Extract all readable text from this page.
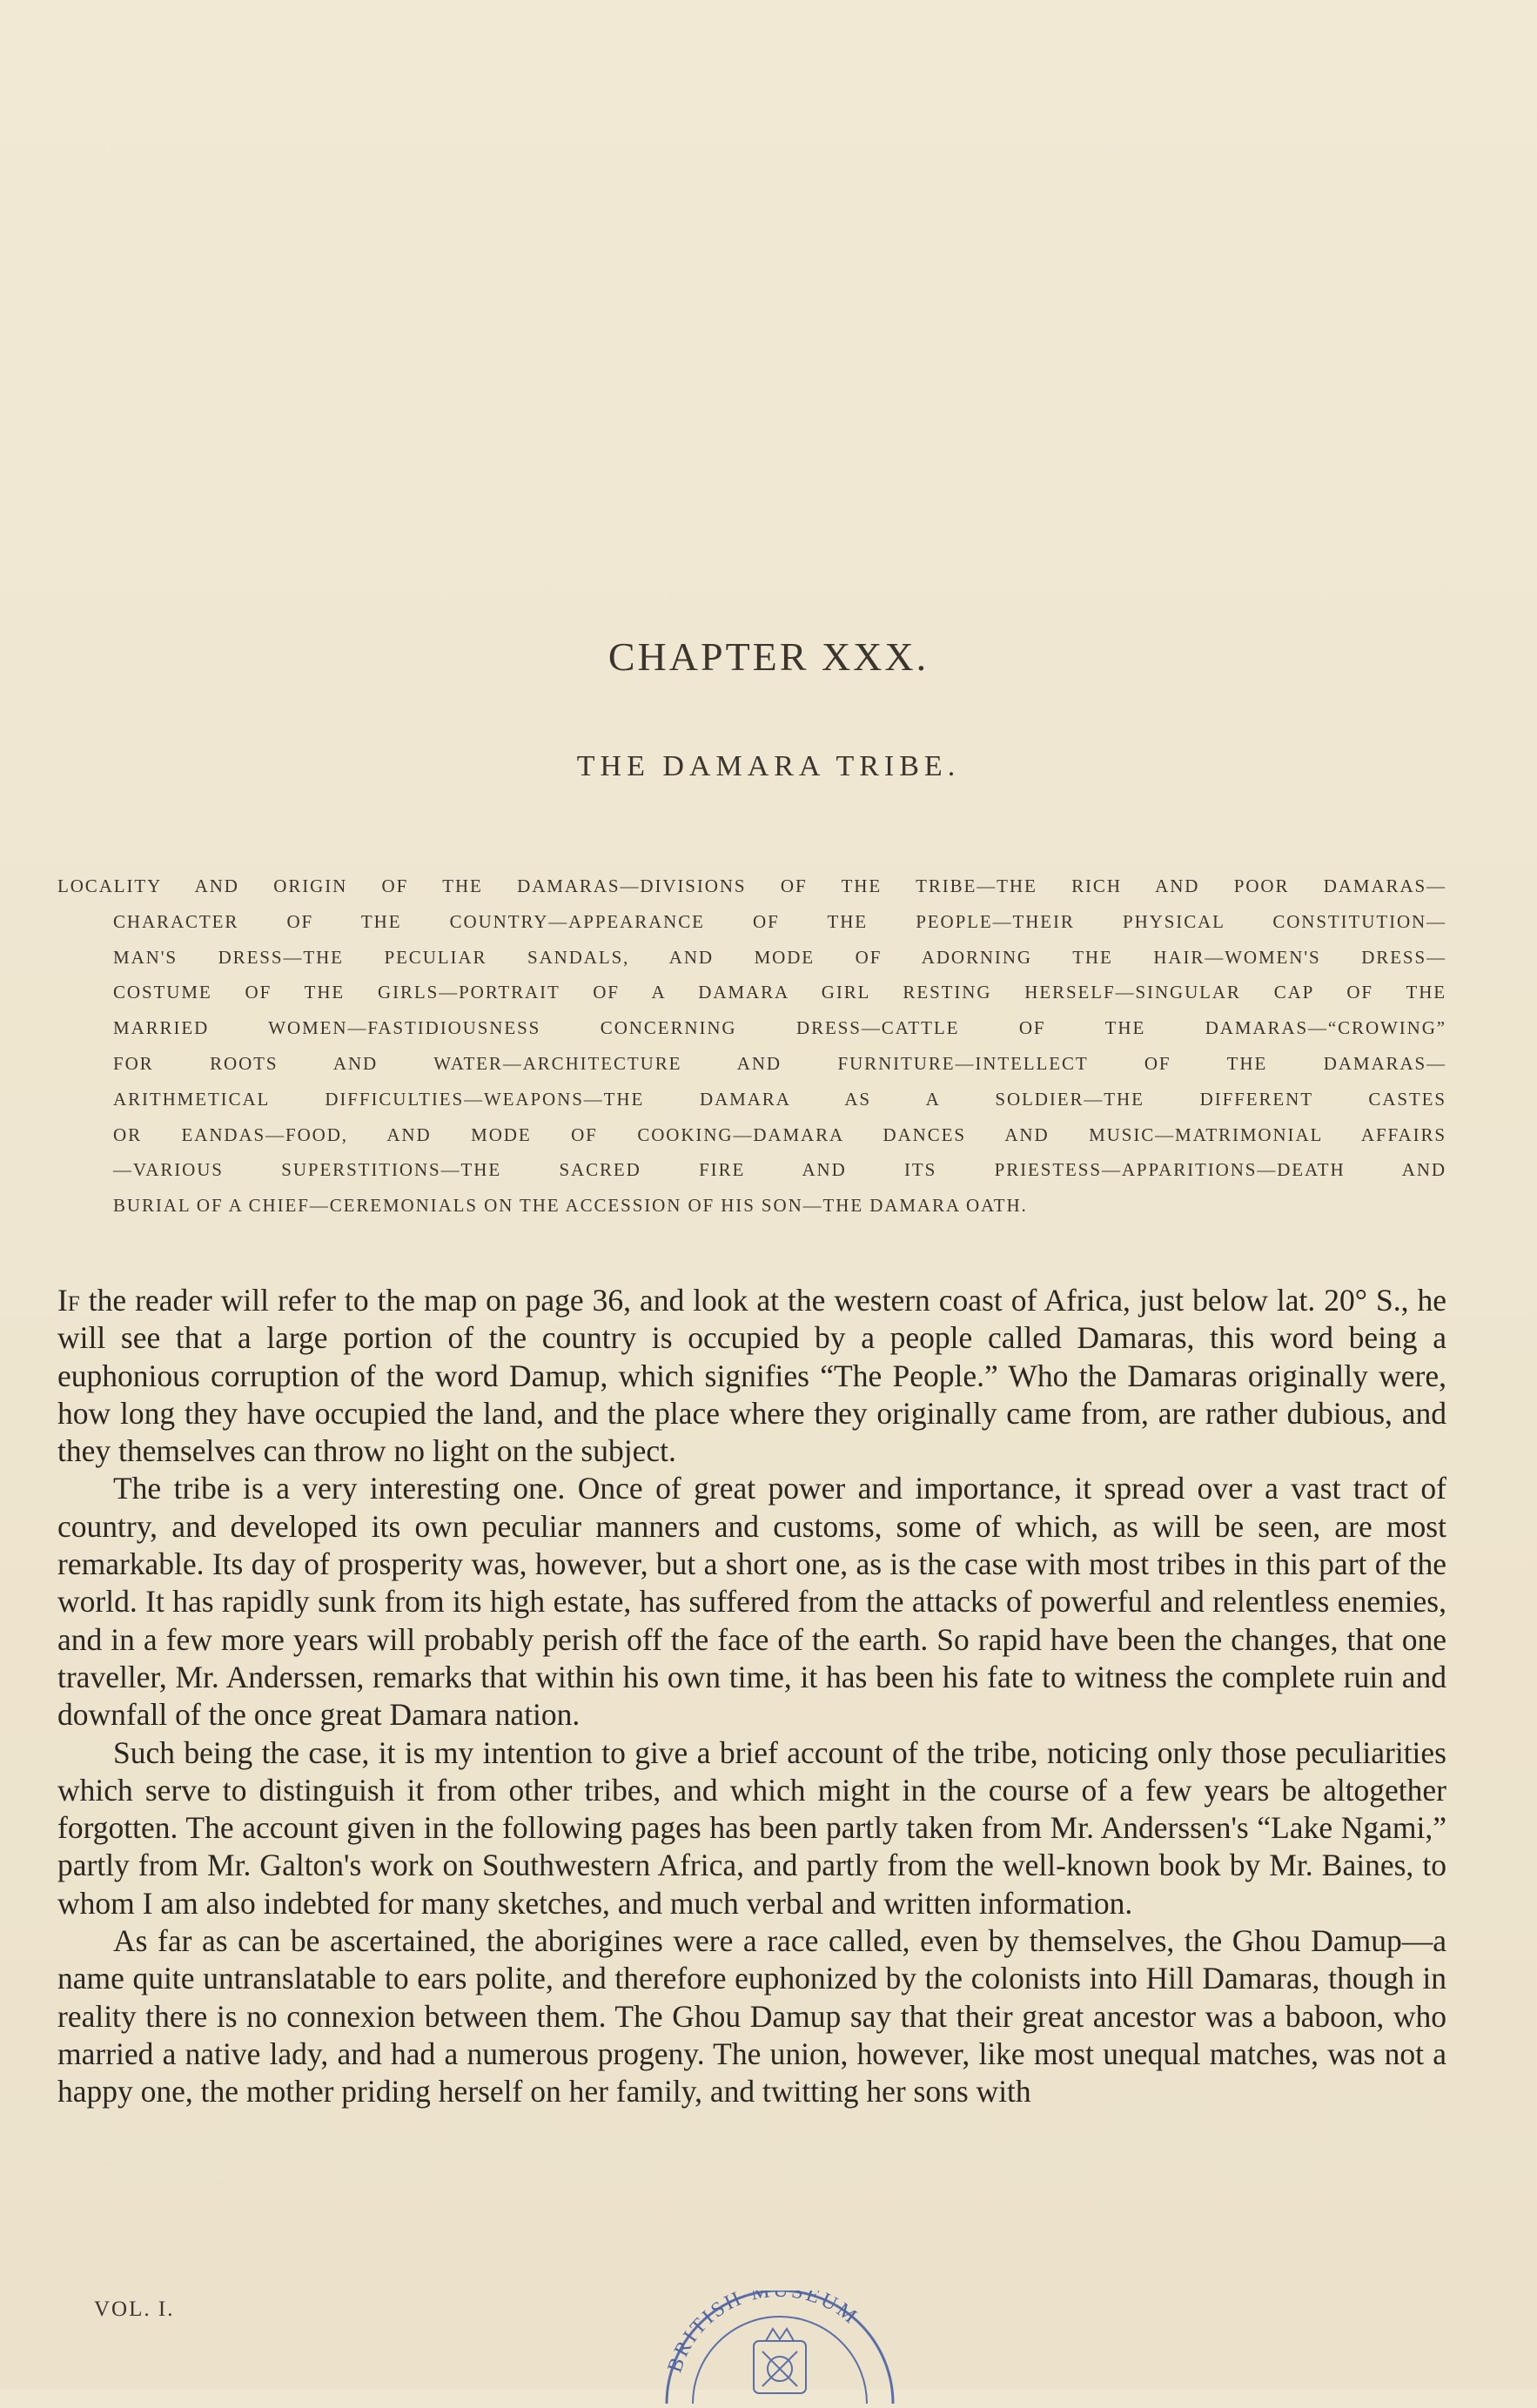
CHAPTER XXX.
THE DAMARA TRIBE.
LOCALITY AND ORIGIN OF THE DAMARAS—DIVISIONS OF THE TRIBE—THE RICH AND POOR DAMARAS—
CHARACTER OF THE COUNTRY—APPEARANCE OF THE PEOPLE—THEIR PHYSICAL CONSTITUTION—
MAN'S DRESS—THE PECULIAR SANDALS, AND MODE OF ADORNING THE HAIR—WOMEN'S DRESS—
COSTUME OF THE GIRLS—PORTRAIT OF A DAMARA GIRL RESTING HERSELF—SINGULAR CAP OF THE
MARRIED WOMEN—FASTIDIOUSNESS CONCERNING DRESS—CATTLE OF THE DAMARAS—“CROWING”
FOR ROOTS AND WATER—ARCHITECTURE AND FURNITURE—INTELLECT OF THE DAMARAS—
ARITHMETICAL DIFFICULTIES—WEAPONS—THE DAMARA AS A SOLDIER—THE DIFFERENT CASTES
OR EANDAS—FOOD, AND MODE OF COOKING—DAMARA DANCES AND MUSIC—MATRIMONIAL AFFAIRS
—VARIOUS SUPERSTITIONS—THE SACRED FIRE AND ITS PRIESTESS—APPARITIONS—DEATH AND
BURIAL OF A CHIEF—CEREMONIALS ON THE ACCESSION OF HIS SON—THE DAMARA OATH.

If the reader will refer to the map on page 36, and look at the western coast of Africa, just below lat. 20° S., he will see that a large portion of the country is occupied by a people called Damaras, this word being a euphonious corruption of the word Damup, which signifies “The People.” Who the Damaras originally were, how long they have occupied the land, and the place where they originally came from, are rather dubious, and they themselves can throw no light on the subject.

The tribe is a very interesting one. Once of great power and importance, it spread over a vast tract of country, and developed its own peculiar manners and customs, some of which, as will be seen, are most remarkable. Its day of prosperity was, however, but a short one, as is the case with most tribes in this part of the world. It has rapidly sunk from its high estate, has suffered from the attacks of powerful and relentless enemies, and in a few more years will probably perish off the face of the earth. So rapid have been the changes, that one traveller, Mr. Anderssen, remarks that within his own time, it has been his fate to witness the complete ruin and downfall of the once great Damara nation.

Such being the case, it is my intention to give a brief account of the tribe, noticing only those peculiarities which serve to distinguish it from other tribes, and which might in the course of a few years be altogether forgotten. The account given in the following pages has been partly taken from Mr. Anderssen's “Lake Ngami,” partly from Mr. Galton's work on Southwestern Africa, and partly from the well-known book by Mr. Baines, to whom I am also indebted for many sketches, and much verbal and written information.

As far as can be ascertained, the aborigines were a race called, even by themselves, the Ghou Damup—a name quite untranslatable to ears polite, and therefore euphonized by the colonists into Hill Damaras, though in reality there is no connexion between them. The Ghou Damup say that their great ancestor was a baboon, who married a native lady, and had a numerous progeny. The union, however, like most unequal matches, was not a happy one, the mother priding herself on her family, and twitting her sons with

VOL. I.
BRITISH MUSEUM
